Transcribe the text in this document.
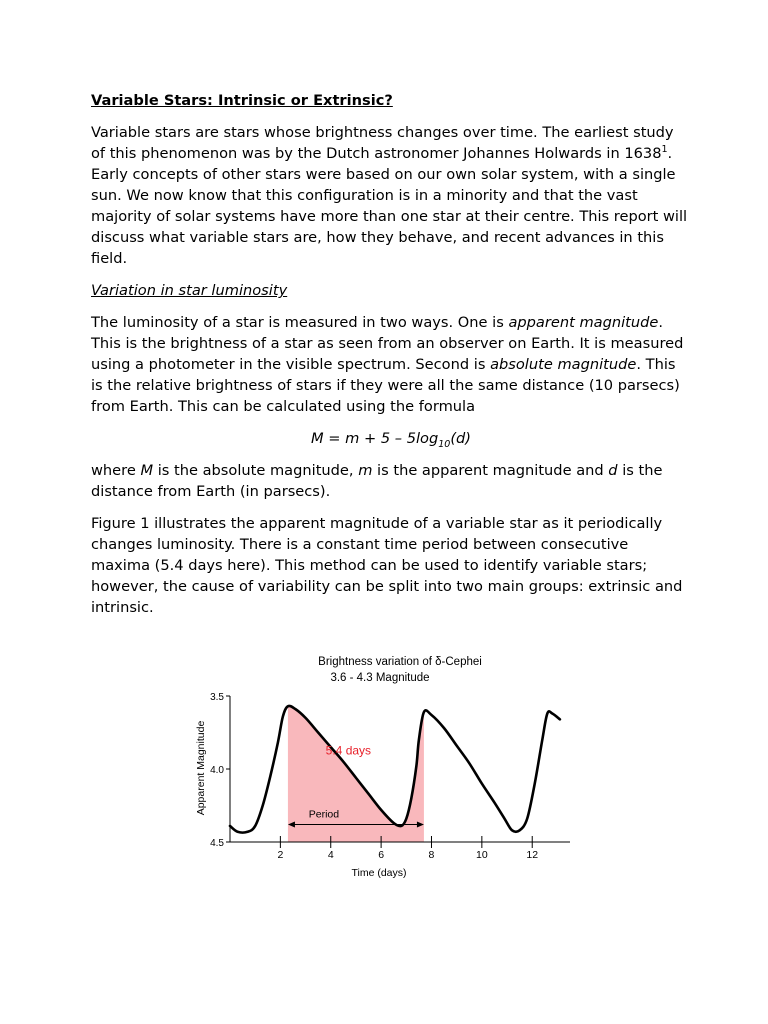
Variable Stars: Intrinsic or Extrinsic?

Variable stars are stars whose brightness changes over time. The earliest study of this phenomenon was by the Dutch astronomer Johannes Holwards in 1638$^1$. Early concepts of other stars were based on our own solar system, with a single sun. We now know that this configuration is in a minority and that the vast majority of solar systems have more than one star at their centre. This report will discuss what variable stars are, how they behave, and recent advances in this field.

Variation in star luminosity

The luminosity of a star is measured in two ways. One is apparent magnitude. This is the brightness of a star as seen from an observer on Earth. It is measured using a photometer in the visible spectrum. Second is absolute magnitude. This is the relative brightness of stars if they were all the same distance (10 parsecs) from Earth. This can be calculated using the formula

$M = m + 5 - 5\log_{10}(d)$

where M is the absolute magnitude, m is the apparent magnitude and d is the distance from Earth (in parsecs).

Figure 1 illustrates the apparent magnitude of a variable star as it periodically changes luminosity. There is a constant time period between consecutive maxima (5.4 days here). This method can be used to identify variable stars; however, the cause of variability can be split into two main groups: extrinsic and intrinsic.

Brightness variation of δ-Cephei
3.6 - 4.3 Magnitude
Apparent Magnitude
Time (days)
3.5
4.0
4.5
2	4	6	8	10	12
5.4 days
Period
